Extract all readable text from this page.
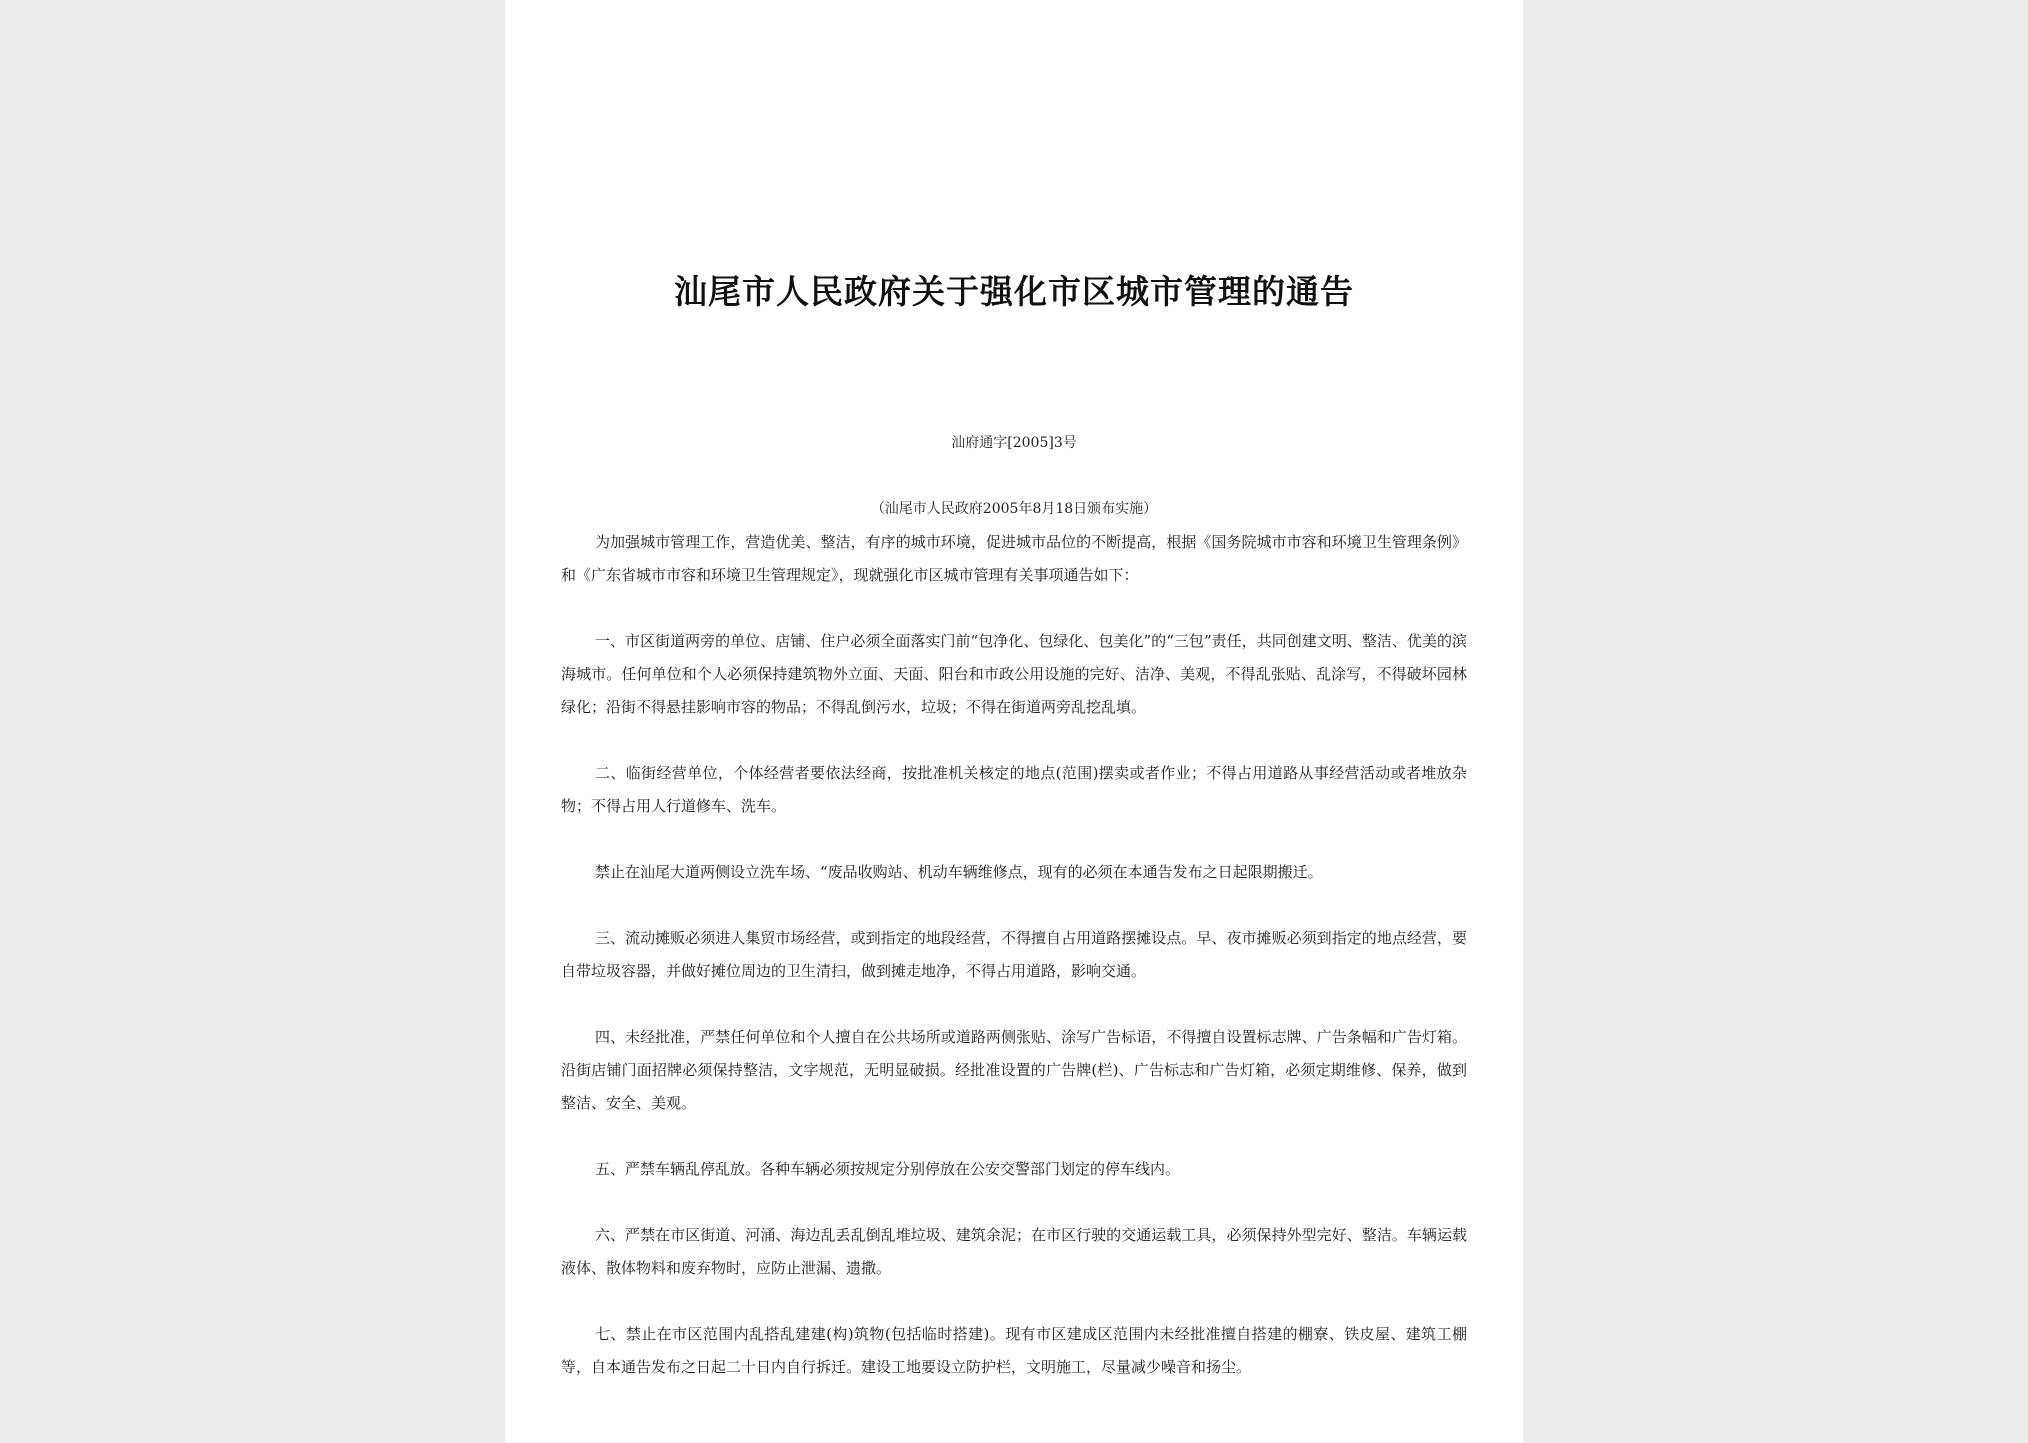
汕尾市人民政府关于强化市区城市管理的通告
汕府通字[2005]3号
（汕尾市人民政府2005年8月18日颁布实施）

为加强城市管理工作，营造优美、整洁，有序的城市环境，促进城市品位的不断提高，根据《国务院城市市容和环境卫生管理条例》和《广东省城市市容和环境卫生管理规定》，现就强化市区城市管理有关事项通告如下：

一、市区街道两旁的单位、店铺、住户必须全面落实门前“包净化、包绿化、包美化”的“三包”责任，共同创建文明、整洁、优美的滨海城市。任何单位和个人必须保持建筑物外立面、天面、阳台和市政公用设施的完好、洁净、美观，不得乱张贴、乱涂写，不得破坏园林绿化；沿街不得悬挂影响市容的物品；不得乱倒污水，垃圾；不得在街道两旁乱挖乱填。

二、临街经营单位，个体经营者要依法经商，按批准机关核定的地点(范围)摆卖或者作业；不得占用道路从事经营活动或者堆放杂物；不得占用人行道修车、洗车。

禁止在汕尾大道两侧设立洗车场、“废品收购站、机动车辆维修点，现有的必须在本通告发布之日起限期搬迁。

三、流动摊贩必须进人集贸市场经营，或到指定的地段经营，不得擅自占用道路摆摊设点。早、夜市摊贩必须到指定的地点经营，要自带垃圾容器，并做好摊位周边的卫生清扫，做到摊走地净，不得占用道路，影响交通。

四、未经批准，严禁任何单位和个人擅自在公共场所或道路两侧张贴、涂写广告标语，不得擅自设置标志牌、广告条幅和广告灯箱。沿街店铺门面招牌必须保持整洁，文字规范，无明显破损。经批准设置的广告牌(栏)、广告标志和广告灯箱，必须定期维修、保养，做到整洁、安全、美观。

五、严禁车辆乱停乱放。各种车辆必须按规定分别停放在公安交警部门划定的停车线内。

六、严禁在市区街道、河涌、海边乱丢乱倒乱堆垃圾、建筑余泥；在市区行驶的交通运载工具，必须保持外型完好、整洁。车辆运载液体、散体物料和废弃物时，应防止泄漏、遗撒。

七、禁止在市区范围内乱搭乱建建(构)筑物(包括临时搭建)。现有市区建成区范围内未经批准擅自搭建的棚寮、铁皮屋、建筑工棚等，自本通告发布之日起二十日内自行拆迁。建设工地要设立防护栏，文明施工，尽量减少噪音和扬尘。
